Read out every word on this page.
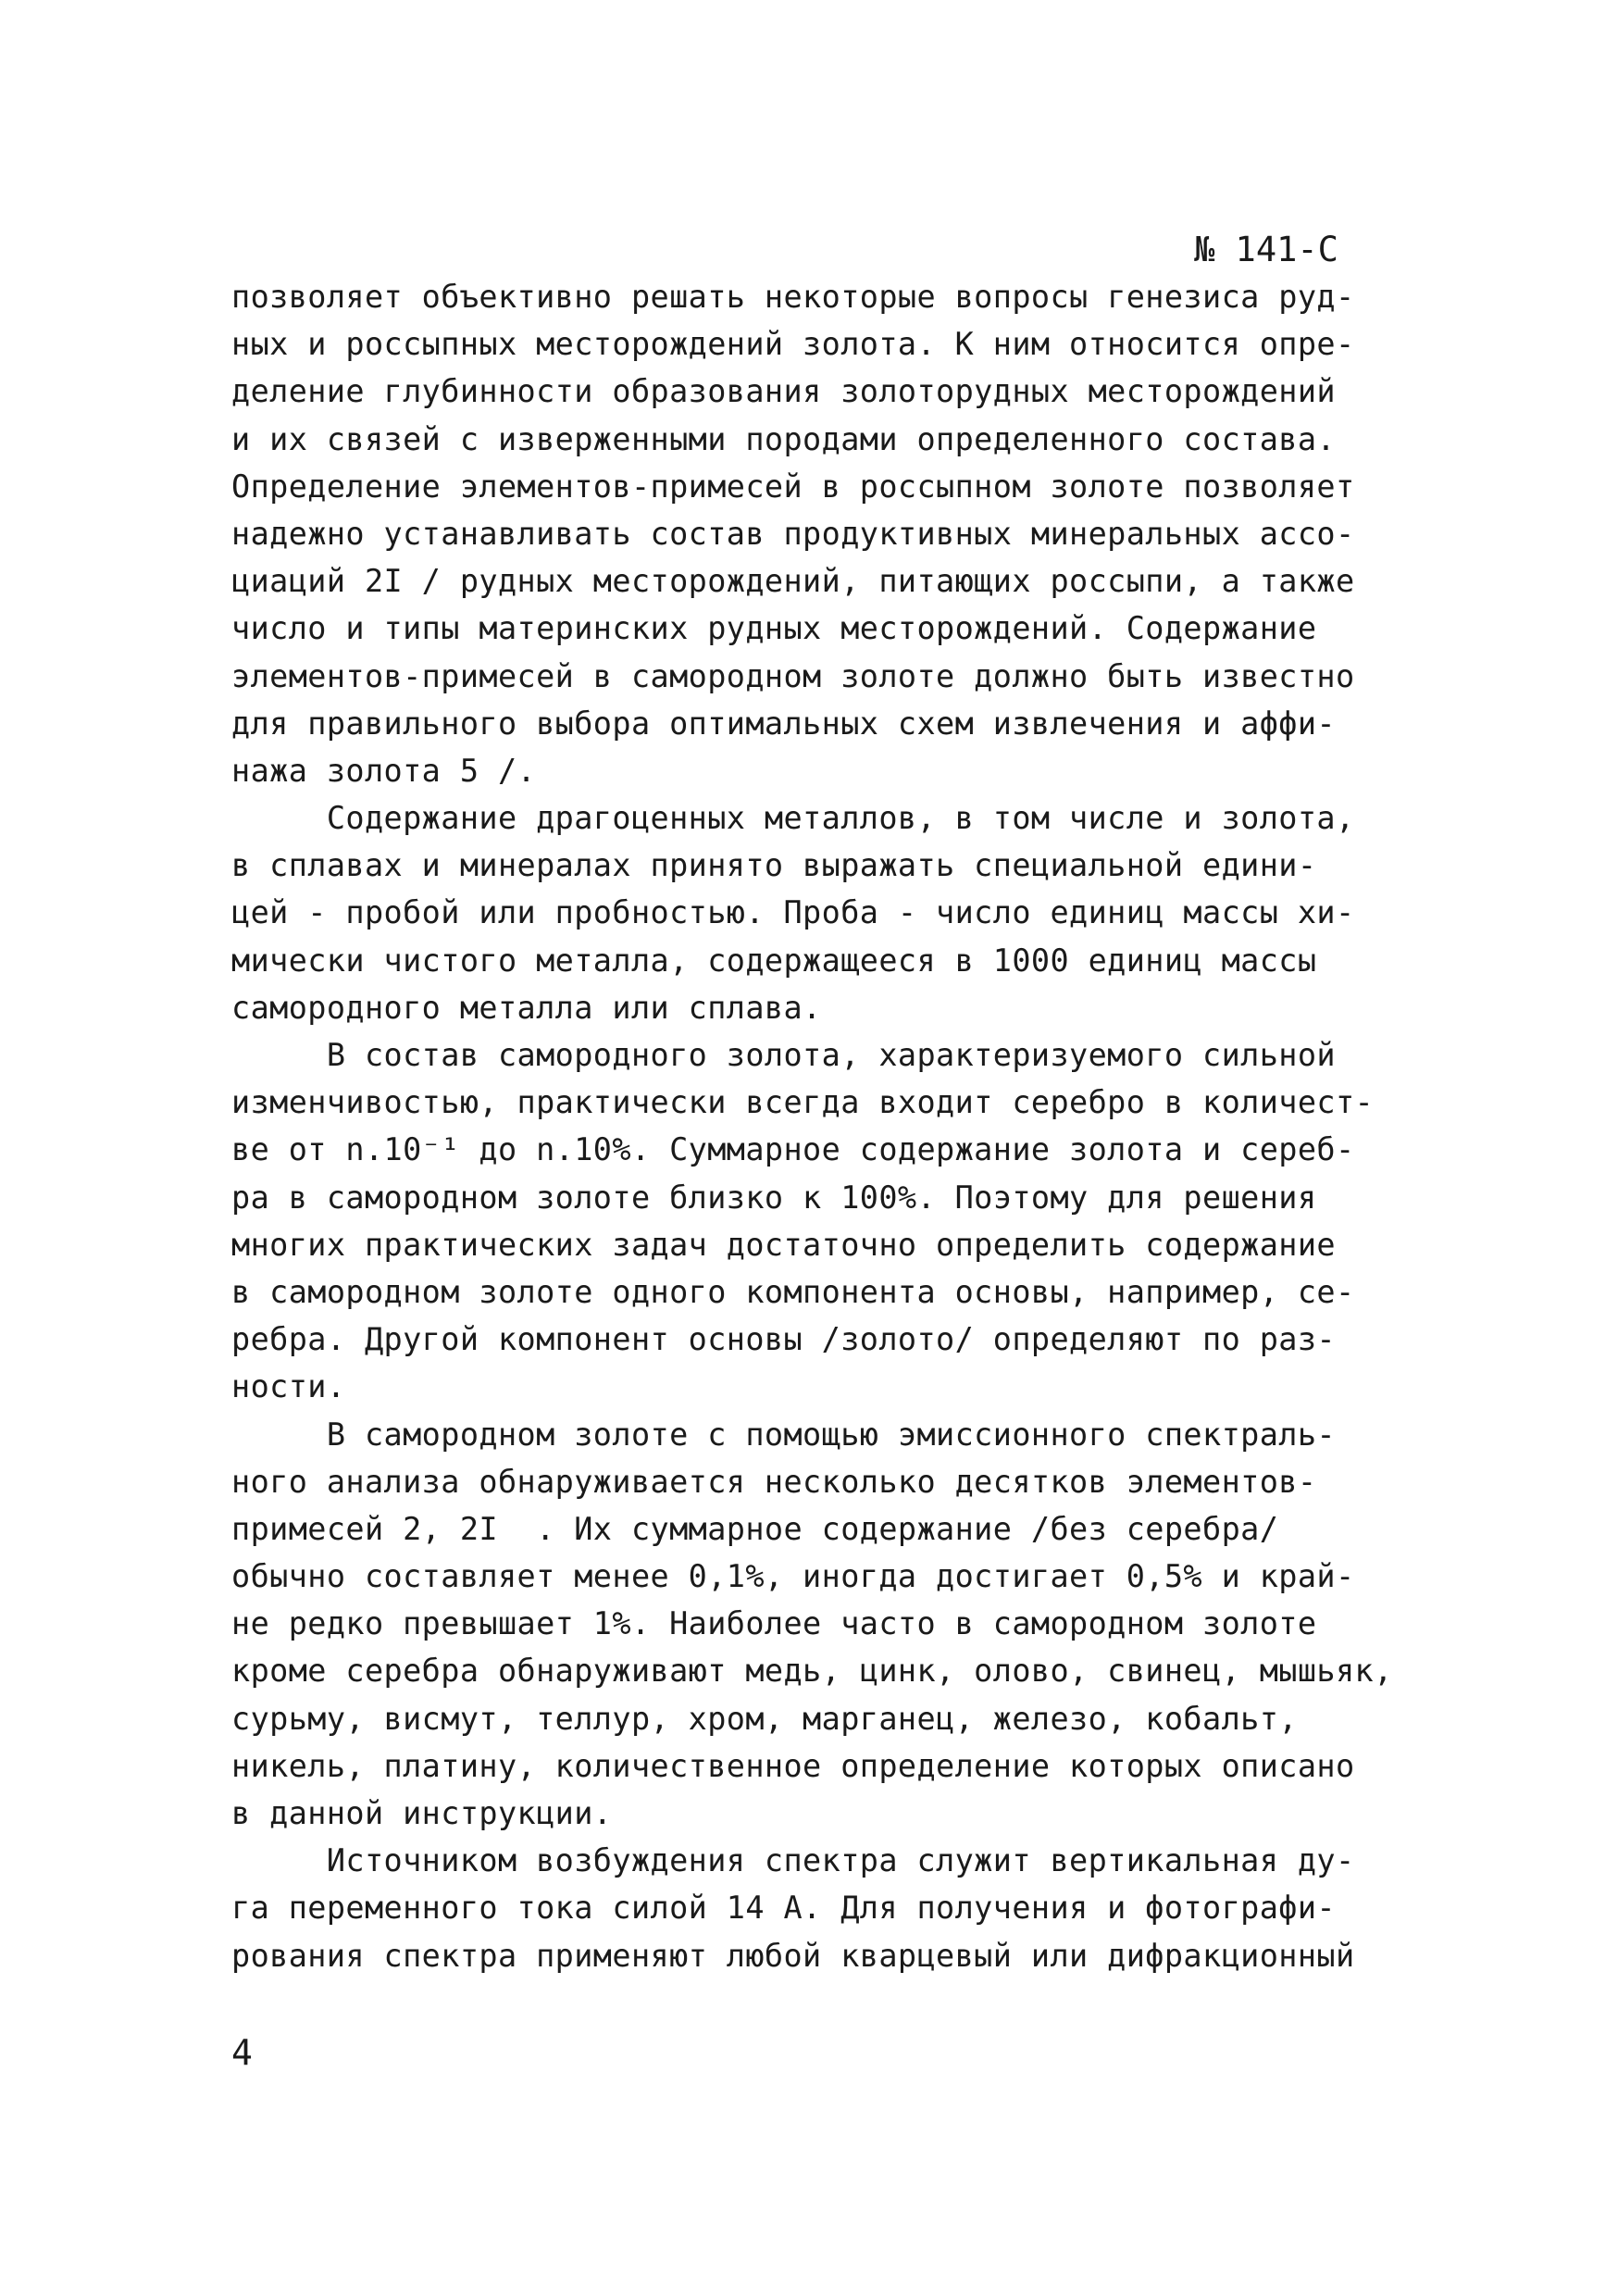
№ 141-С
позволяет объективно решать некоторые вопросы генезиса руд-
ных и россыпных месторождений золота. К ним относится опре-
деление глубинности образования золоторудных месторождений
и их связей с изверженными породами определенного состава.
Определение элементов-примесей в россыпном золоте позволяет
надежно устанавливать состав продуктивных минеральных ассо-
циаций 2I / рудных месторождений, питающих россыпи, а также
число и типы материнских рудных месторождений. Содержание
элементов-примесей в самородном золоте должно быть известно
для правильного выбора оптимальных схем извлечения и аффи-
нажа золота 5 /.
Содержание драгоценных металлов, в том числе и золота,
в сплавах и минералах принято выражать специальной едини-
цей - пробой или пробностью. Проба - число единиц массы хи-
мически чистого металла, содержащееся в 1000 единиц массы
самородного металла или сплава.
В состав самородного золота, характеризуемого сильной
изменчивостью, практически всегда входит серебро в количест-
ве от n.10⁻¹ до n.10%. Суммарное содержание золота и сереб-
ра в самородном золоте близко к 100%. Поэтому для решения
многих практических задач достаточно определить содержание
в самородном золоте одного компонента основы, например, се-
ребра. Другой компонент основы /золото/ определяют по раз-
ности.
В самородном золоте с помощью эмиссионного спектраль-
ного анализа обнаруживается несколько десятков элементов-
примесей 2, 2I  . Их суммарное содержание /без серебра/
обычно составляет менее 0,1%, иногда достигает 0,5% и край-
не редко превышает 1%. Наиболее часто в самородном золоте
кроме серебра обнаруживают медь, цинк, олово, свинец, мышьяк,
сурьму, висмут, теллур, хром, марганец, железо, кобальт,
никель, платину, количественное определение которых описано
в данной инструкции.
Источником возбуждения спектра служит вертикальная ду-
га переменного тока силой 14 А. Для получения и фотографи-
рования спектра применяют любой кварцевый или дифракционный
4
